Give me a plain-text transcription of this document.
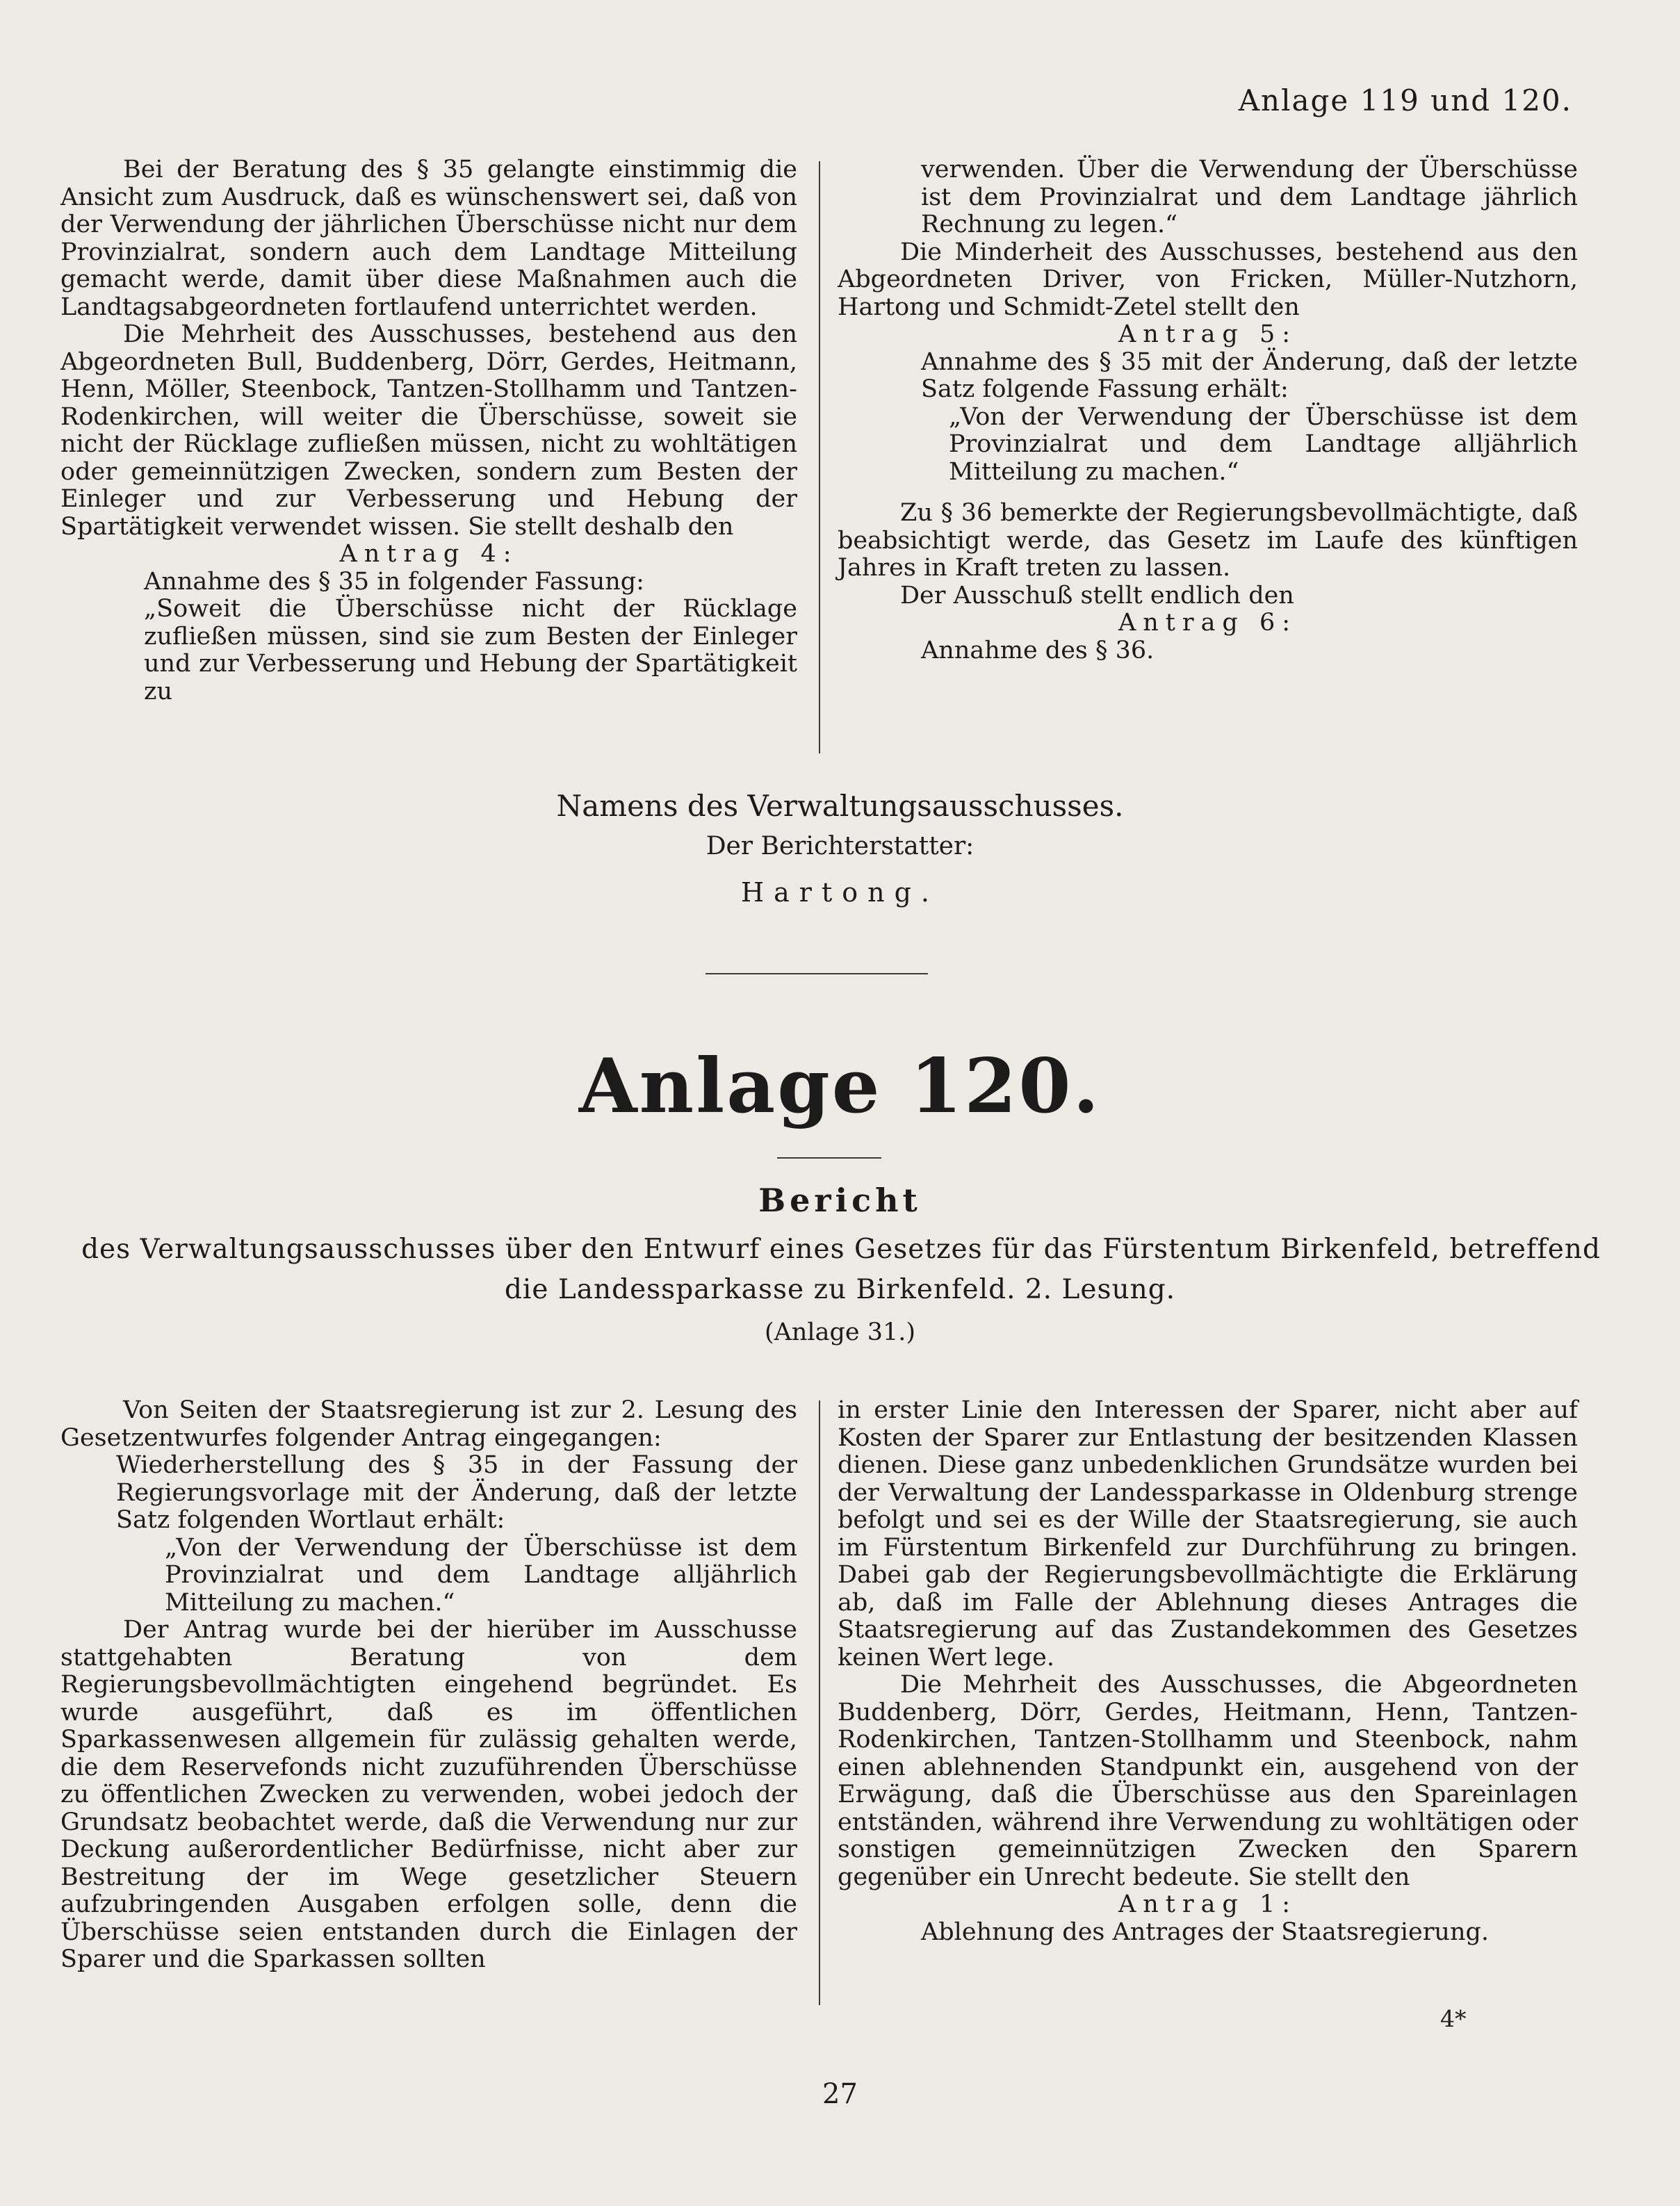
Anlage 119 und 120.

Bei der Beratung des § 35 gelangte einstimmig die Ansicht zum Ausdruck, daß es wünschenswert sei, daß von der Verwendung der jährlichen Überschüsse nicht nur dem Provinzialrat, sondern auch dem Landtage Mitteilung gemacht werde, damit über diese Maßnahmen auch die Landtagsabgeordneten fortlaufend unterrichtet werden.

Die Mehrheit des Ausschusses, bestehend aus den Abgeordneten Bull, Buddenberg, Dörr, Gerdes, Heitmann, Henn, Möller, Steenbock, Tantzen-Stollhamm und Tantzen-Rodenkirchen, will weiter die Überschüsse, soweit sie nicht der Rücklage zufließen müssen, nicht zu wohltätigen oder gemeinnützigen Zwecken, sondern zum Besten der Einleger und zur Verbesserung und Hebung der Spartätigkeit verwendet wissen. Sie stellt deshalb den

Antrag 4:

Annahme des § 35 in folgender Fassung:

„Soweit die Überschüsse nicht der Rücklage zufließen müssen, sind sie zum Besten der Einleger und zur Verbesserung und Hebung der Spartätigkeit zu

verwenden. Über die Verwendung der Überschüsse ist dem Provinzialrat und dem Landtage jährlich Rechnung zu legen.“

Die Minderheit des Ausschusses, bestehend aus den Abgeordneten Driver, von Fricken, Müller-Nutzhorn, Hartong und Schmidt-Zetel stellt den

Antrag 5:

Annahme des § 35 mit der Änderung, daß der letzte Satz folgende Fassung erhält:

„Von der Verwendung der Überschüsse ist dem Provinzialrat und dem Landtage alljährlich Mitteilung zu machen.“

Zu § 36 bemerkte der Regierungsbevollmächtigte, daß beabsichtigt werde, das Gesetz im Laufe des künftigen Jahres in Kraft treten zu lassen.

Der Ausschuß stellt endlich den

Antrag 6:

Annahme des § 36.

Namens des Verwaltungsausschusses.
Der Berichterstatter:
Hartong.
Anlage 120.
Bericht
des Verwaltungsausschusses über den Entwurf eines Gesetzes für das Fürstentum Birkenfeld, betreffend
die Landessparkasse zu Birkenfeld. 2. Lesung.
(Anlage 31.)

Von Seiten der Staatsregierung ist zur 2. Lesung des Gesetzentwurfes folgender Antrag eingegangen:

Wiederherstellung des § 35 in der Fassung der Regierungsvorlage mit der Änderung, daß der letzte Satz folgenden Wortlaut erhält:

„Von der Verwendung der Überschüsse ist dem Provinzialrat und dem Landtage alljährlich Mitteilung zu machen.“

Der Antrag wurde bei der hierüber im Ausschusse stattgehabten Beratung von dem Regierungsbevollmächtigten eingehend begründet. Es wurde ausgeführt, daß es im öffentlichen Sparkassenwesen allgemein für zulässig gehalten werde, die dem Reservefonds nicht zuzuführenden Überschüsse zu öffentlichen Zwecken zu verwenden, wobei jedoch der Grundsatz beobachtet werde, daß die Verwendung nur zur Deckung außerordentlicher Bedürfnisse, nicht aber zur Bestreitung der im Wege gesetzlicher Steuern aufzubringenden Ausgaben erfolgen solle, denn die Überschüsse seien entstanden durch die Einlagen der Sparer und die Sparkassen sollten

in erster Linie den Interessen der Sparer, nicht aber auf Kosten der Sparer zur Entlastung der besitzenden Klassen dienen. Diese ganz unbedenklichen Grundsätze wurden bei der Verwaltung der Landessparkasse in Oldenburg strenge befolgt und sei es der Wille der Staatsregierung, sie auch im Fürstentum Birkenfeld zur Durchführung zu bringen. Dabei gab der Regierungsbevollmächtigte die Erklärung ab, daß im Falle der Ablehnung dieses Antrages die Staatsregierung auf das Zustandekommen des Gesetzes keinen Wert lege.

Die Mehrheit des Ausschusses, die Abgeordneten Buddenberg, Dörr, Gerdes, Heitmann, Henn, Tantzen-Rodenkirchen, Tantzen-Stollhamm und Steenbock, nahm einen ablehnenden Standpunkt ein, ausgehend von der Erwägung, daß die Überschüsse aus den Spareinlagen entständen, während ihre Verwendung zu wohltätigen oder sonstigen gemeinnützigen Zwecken den Sparern gegenüber ein Unrecht bedeute. Sie stellt den

Antrag 1:

Ablehnung des Antrages der Staatsregierung.

4*
27
